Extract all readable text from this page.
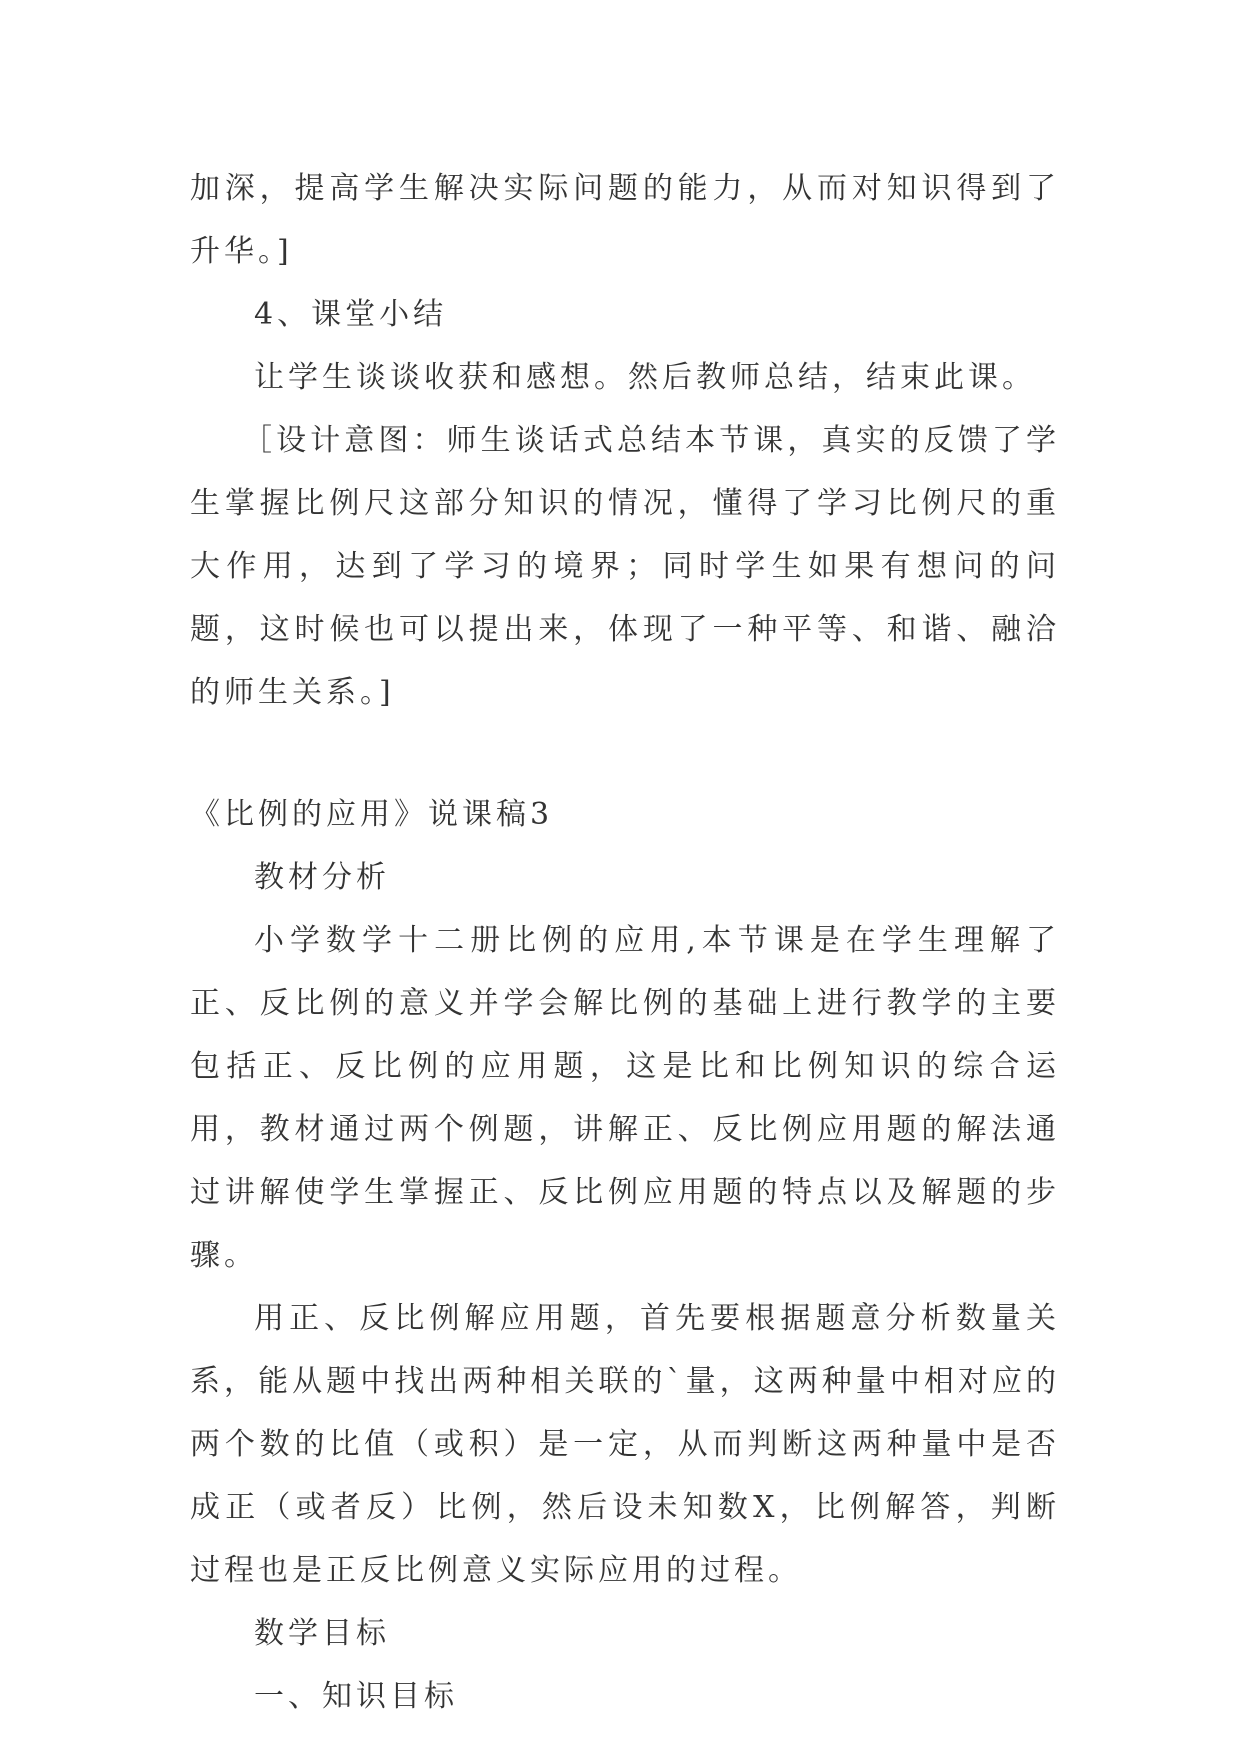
加深，提高学生解决实际问题的能力，从而对知识得到了升华。]

4、课堂小结

让学生谈谈收获和感想。然后教师总结，结束此课。

［设计意图：师生谈话式总结本节课，真实的反馈了学生掌握比例尺这部分知识的情况，懂得了学习比例尺的重大作用，达到了学习的境界；同时学生如果有想问的问题，这时候也可以提出来，体现了一种平等、和谐、融洽的师生关系。]

《比例的应用》说课稿3

教材分析

小学数学十二册比例的应用,本节课是在学生理解了正、反比例的意义并学会解比例的基础上进行教学的主要包括正、反比例的应用题，这是比和比例知识的综合运用，教材通过两个例题，讲解正、反比例应用题的解法通过讲解使学生掌握正、反比例应用题的特点以及解题的步骤。

用正、反比例解应用题，首先要根据题意分析数量关系，能从题中找出两种相关联的`量，这两种量中相对应的两个数的比值（或积）是一定，从而判断这两种量中是否成正（或者反）比例，然后设未知数X，比例解答，判断过程也是正反比例意义实际应用的过程。

数学目标

一、知识目标
